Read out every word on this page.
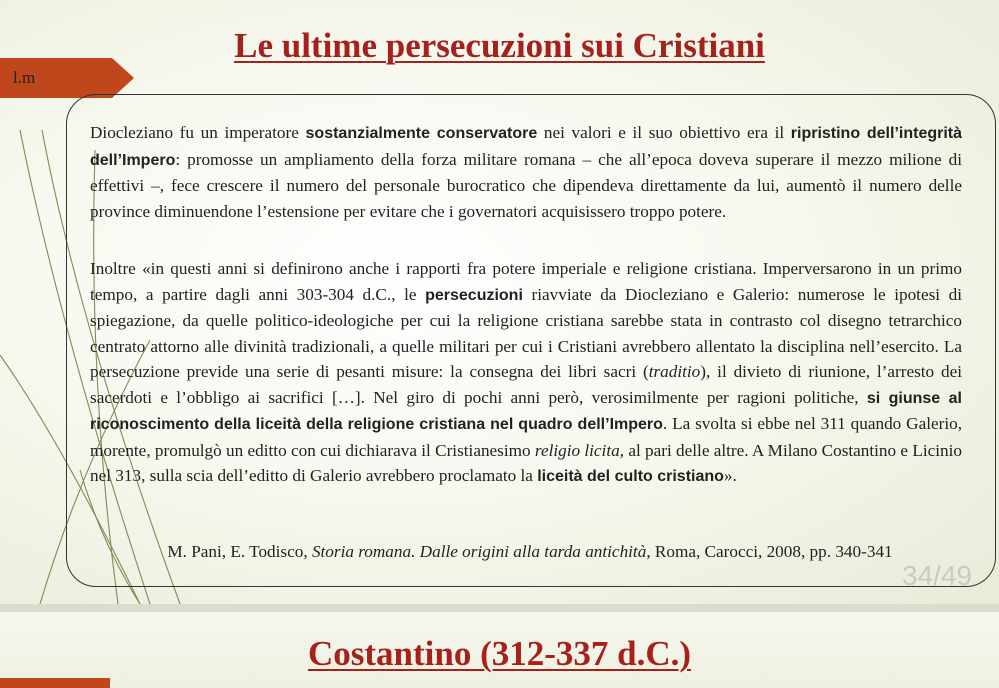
l.m
Le ultime persecuzioni sui Cristiani

Diocleziano fu un imperatore sostanzialmente conservatore nei valori e il suo obiettivo era il ripristino dell’integrità dell’Impero: promosse un ampliamento della forza militare romana – che all’epoca doveva superare il mezzo milione di effettivi –, fece crescere il numero del personale burocratico che dipendeva direttamente da lui, aumentò il numero delle province diminuendone l’estensione per evitare che i governatori acquisissero troppo potere.

Inoltre «in questi anni si definirono anche i rapporti fra potere imperiale e religione cristiana. Imperversarono in un primo tempo, a partire dagli anni 303-304 d.C., le persecuzioni riavviate da Diocleziano e Galerio: numerose le ipotesi di spiegazione, da quelle politico-ideologiche per cui la religione cristiana sarebbe stata in contrasto col disegno tetrarchico centrato attorno alle divinità tradizionali, a quelle militari per cui i Cristiani avrebbero allentato la disciplina nell’esercito. La persecuzione previde una serie di pesanti misure: la consegna dei libri sacri (traditio), il divieto di riunione, l’arresto dei sacerdoti e l’obbligo ai sacrifici […]. Nel giro di pochi anni però, verosimilmente per ragioni politiche, si giunse al riconoscimento della liceità della religione cristiana nel quadro dell’Impero. La svolta si ebbe nel 311 quando Galerio, morente, promulgò un editto con cui dichiarava il Cristianesimo religio licita, al pari delle altre. A Milano Costantino e Licinio nel 313, sulla scia dell’editto di Galerio avrebbero proclamato la liceità del culto cristiano».

M. Pani, E. Todisco, Storia romana. Dalle origini alla tarda antichità, Roma, Carocci, 2008, pp. 340-341

34/49
Costantino (312-337 d.C.)
